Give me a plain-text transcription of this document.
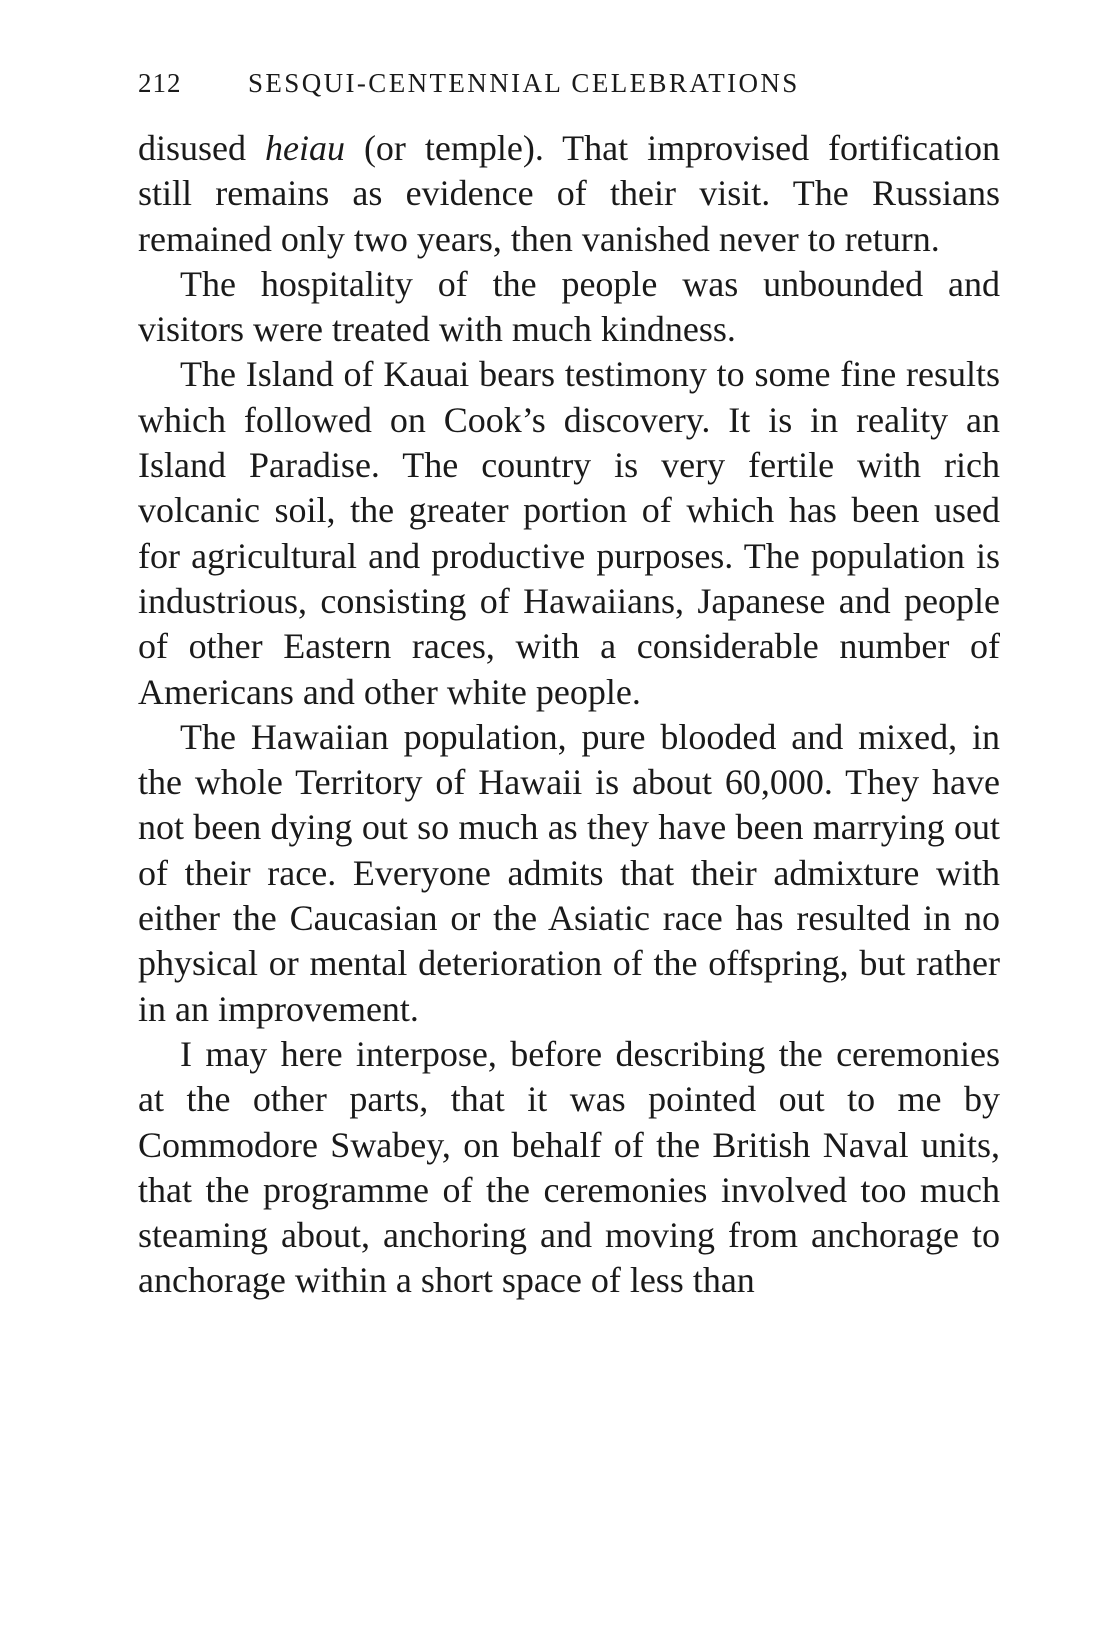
212	SESQUI-CENTENNIAL CELEBRATIONS

disused heiau (or temple). That improvised fortification still remains as evidence of their visit. The Russians remained only two years, then vanished never to return.

The hospitality of the people was unbounded and visitors were treated with much kindness.

The Island of Kauai bears testimony to some fine results which followed on Cook’s discovery. It is in reality an Island Paradise. The country is very fertile with rich volcanic soil, the greater portion of which has been used for agricultural and productive purposes. The population is industrious, consisting of Hawaiians, Japanese and people of other Eastern races, with a considerable number of Americans and other white people.

The Hawaiian population, pure blooded and mixed, in the whole Territory of Hawaii is about 60,000. They have not been dying out so much as they have been marrying out of their race. Everyone admits that their admixture with either the Caucasian or the Asiatic race has resulted in no physical or mental deterioration of the offspring, but rather in an improvement.

I may here interpose, before describing the ceremonies at the other parts, that it was pointed out to me by Commodore Swabey, on behalf of the British Naval units, that the programme of the ceremonies involved too much steaming about, anchoring and moving from anchorage to anchorage within a short space of less than
